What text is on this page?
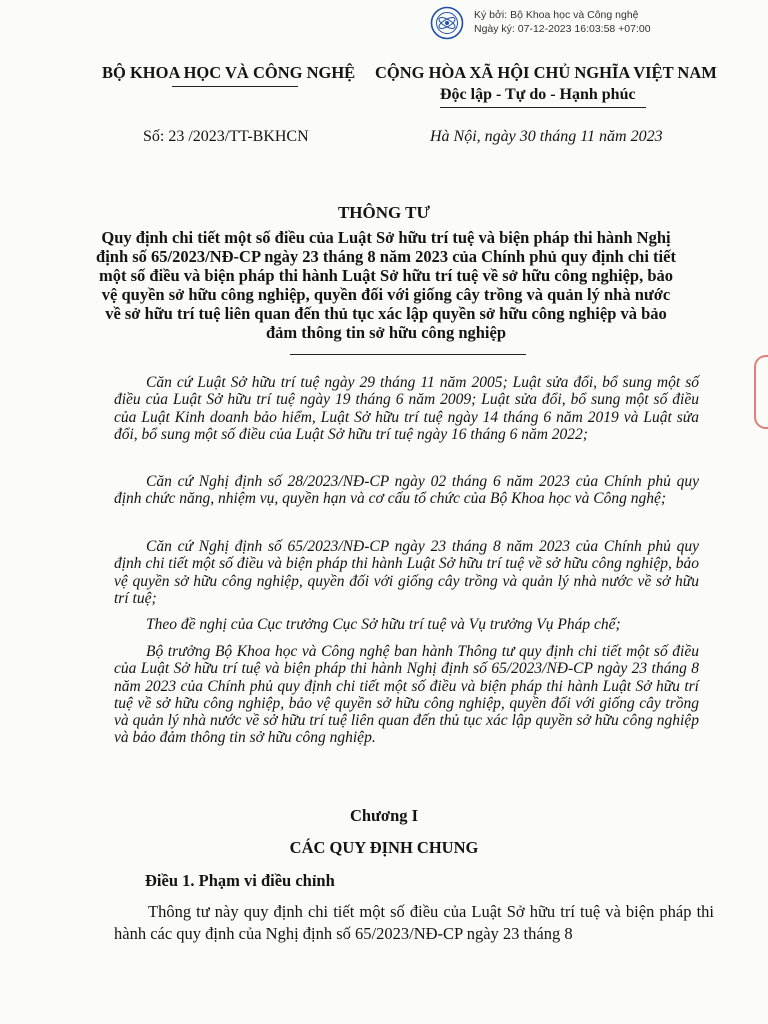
Ký bởi: Bộ Khoa học và Công nghệ
Ngày ký: 07-12-2023 16:03:58 +07:00
BỘ KHOA HỌC VÀ CÔNG NGHỆ CỘNG HÒA XÃ HỘI CHỦ NGHĨA VIỆT NAM
Độc lập - Tự do - Hạnh phúc
Số: 23 /2023/TT-BKHCN	Hà Nội, ngày 30 tháng 11 năm 2023
THÔNG TƯ
Quy định chi tiết một số điều của Luật Sở hữu trí tuệ và biện pháp thi hành Nghị định số 65/2023/NĐ-CP ngày 23 tháng 8 năm 2023 của Chính phủ quy định chi tiết một số điều và biện pháp thi hành Luật Sở hữu trí tuệ về sở hữu công nghiệp, bảo vệ quyền sở hữu công nghiệp, quyền đối với giống cây trồng và quản lý nhà nước về sở hữu trí tuệ liên quan đến thủ tục xác lập quyền sở hữu công nghiệp và bảo đảm thông tin sở hữu công nghiệp
Căn cứ Luật Sở hữu trí tuệ ngày 29 tháng 11 năm 2005; Luật sửa đổi, bổ sung một số điều của Luật Sở hữu trí tuệ ngày 19 tháng 6 năm 2009; Luật sửa đổi, bổ sung một số điều của Luật Kinh doanh bảo hiểm, Luật Sở hữu trí tuệ ngày 14 tháng 6 năm 2019 và Luật sửa đổi, bổ sung một số điều của Luật Sở hữu trí tuệ ngày 16 tháng 6 năm 2022;
Căn cứ Nghị định số 28/2023/NĐ-CP ngày 02 tháng 6 năm 2023 của Chính phủ quy định chức năng, nhiệm vụ, quyền hạn và cơ cấu tổ chức của Bộ Khoa học và Công nghệ;
Căn cứ Nghị định số 65/2023/NĐ-CP ngày 23 tháng 8 năm 2023 của Chính phủ quy định chi tiết một số điều và biện pháp thi hành Luật Sở hữu trí tuệ về sở hữu công nghiệp, bảo vệ quyền sở hữu công nghiệp, quyền đối với giống cây trồng và quản lý nhà nước về sở hữu trí tuệ;
Theo đề nghị của Cục trưởng Cục Sở hữu trí tuệ và Vụ trưởng Vụ Pháp chế;
Bộ trưởng Bộ Khoa học và Công nghệ ban hành Thông tư quy định chi tiết một số điều của Luật Sở hữu trí tuệ và biện pháp thi hành Nghị định số 65/2023/NĐ-CP ngày 23 tháng 8 năm 2023 của Chính phủ quy định chi tiết một số điều và biện pháp thi hành Luật Sở hữu trí tuệ về sở hữu công nghiệp, bảo vệ quyền sở hữu công nghiệp, quyền đối với giống cây trồng và quản lý nhà nước về sở hữu trí tuệ liên quan đến thủ tục xác lập quyền sở hữu công nghiệp và bảo đảm thông tin sở hữu công nghiệp.
Chương I
CÁC QUY ĐỊNH CHUNG
Điều 1. Phạm vi điều chỉnh
Thông tư này quy định chi tiết một số điều của Luật Sở hữu trí tuệ và biện pháp thi hành các quy định của Nghị định số 65/2023/NĐ-CP ngày 23 tháng 8
